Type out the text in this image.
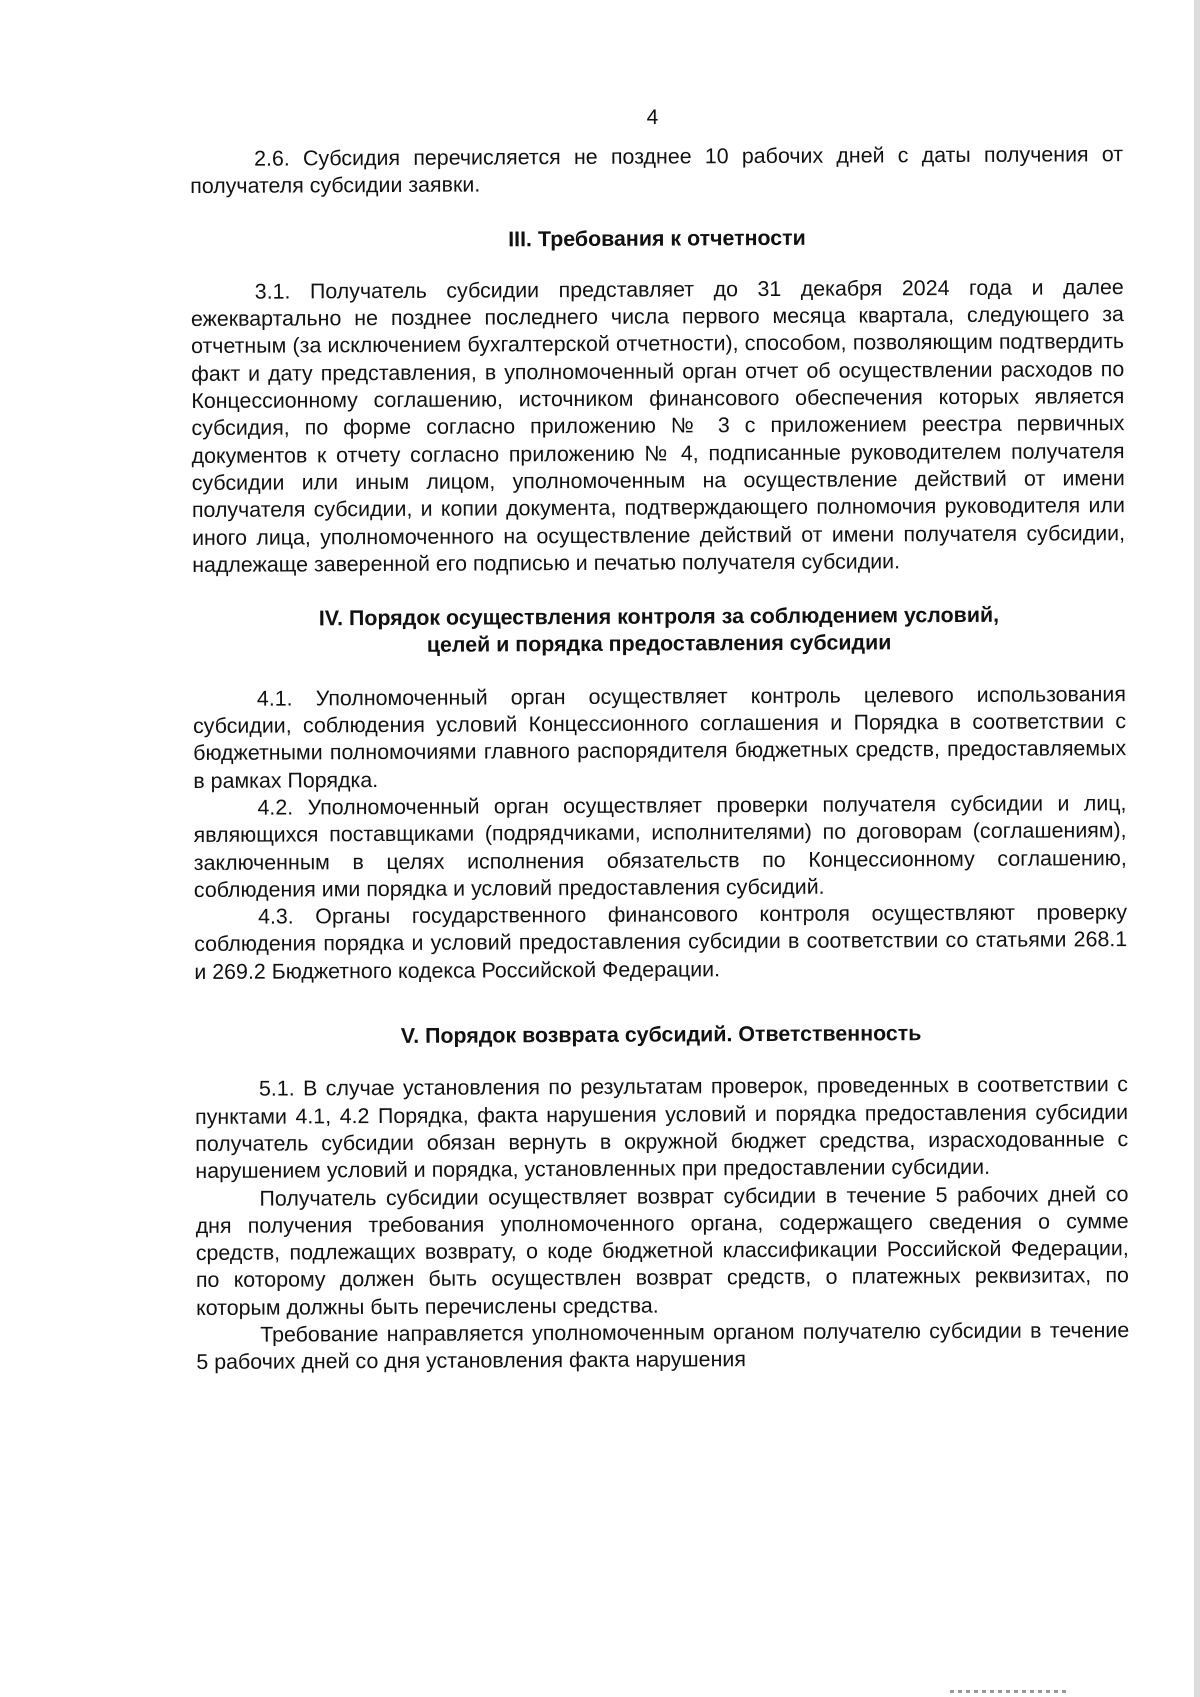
4

2.6. Субсидия перечисляется не позднее 10 рабочих дней с даты получения от получателя субсидии заявки.

III. Требования к отчетности

3.1. Получатель субсидии представляет до 31 декабря 2024 года и далее ежеквартально не позднее последнего числа первого месяца квартала, следующего за отчетным (за исключением бухгалтерской отчетности), способом, позволяющим подтвердить факт и дату представления, в уполномоченный орган отчет об осуществлении расходов по Концессионному соглашению, источником финансового обеспечения которых является субсидия, по форме согласно приложению № 3 с приложением реестра первичных документов к отчету согласно приложению № 4, подписанные руководителем получателя субсидии или иным лицом, уполномоченным на осуществление действий от имени получателя субсидии, и копии документа, подтверждающего полномочия руководителя или иного лица, уполномоченного на осуществление действий от имени получателя субсидии, надлежаще заверенной его подписью и печатью получателя субсидии.

IV. Порядок осуществления контроля за соблюдением условий,
целей и порядка предоставления субсидии

4.1. Уполномоченный орган осуществляет контроль целевого использования субсидии, соблюдения условий Концессионного соглашения и Порядка в соответствии с бюджетными полномочиями главного распорядителя бюджетных средств, предоставляемых в рамках Порядка.

4.2. Уполномоченный орган осуществляет проверки получателя субсидии и лиц, являющихся поставщиками (подрядчиками, исполнителями) по договорам (соглашениям), заключенным в целях исполнения обязательств по Концессионному соглашению, соблюдения ими порядка и условий предоставления субсидий.

4.3. Органы государственного финансового контроля осуществляют проверку соблюдения порядка и условий предоставления субсидии в соответствии со статьями 268.1 и 269.2 Бюджетного кодекса Российской Федерации.

V. Порядок возврата субсидий. Ответственность

5.1. В случае установления по результатам проверок, проведенных в соответствии с пунктами 4.1, 4.2 Порядка, факта нарушения условий и порядка предоставления субсидии получатель субсидии обязан вернуть в окружной бюджет средства, израсходованные с нарушением условий и порядка, установленных при предоставлении субсидии.

Получатель субсидии осуществляет возврат субсидии в течение 5 рабочих дней со дня получения требования уполномоченного органа, содержащего сведения о сумме средств, подлежащих возврату, о коде бюджетной классификации Российской Федерации, по которому должен быть осуществлен возврат средств, о платежных реквизитах, по которым должны быть перечислены средства.

Требование направляется уполномоченным органом получателю субсидии в течение 5 рабочих дней со дня установления факта нарушения
